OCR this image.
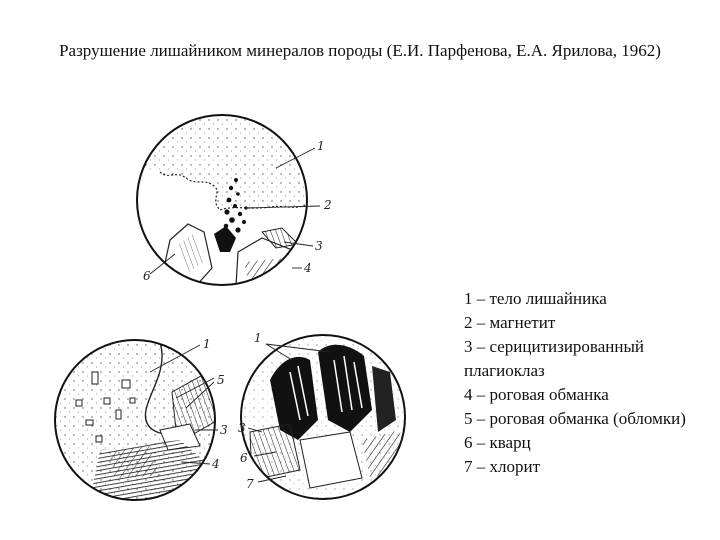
Разрушение лишайником минералов породы (Е.И. Парфенова, Е.А. Ярилова, 1962)
1
2
3
4
6
1
5
3
4
1
3
6
7
1 – тело лишайника
2 – магнетит
3 – серицитизированный плагиоклаз
4 – роговая обманка
5 – роговая обманка (обломки)
6 – кварц
7 – хлорит
